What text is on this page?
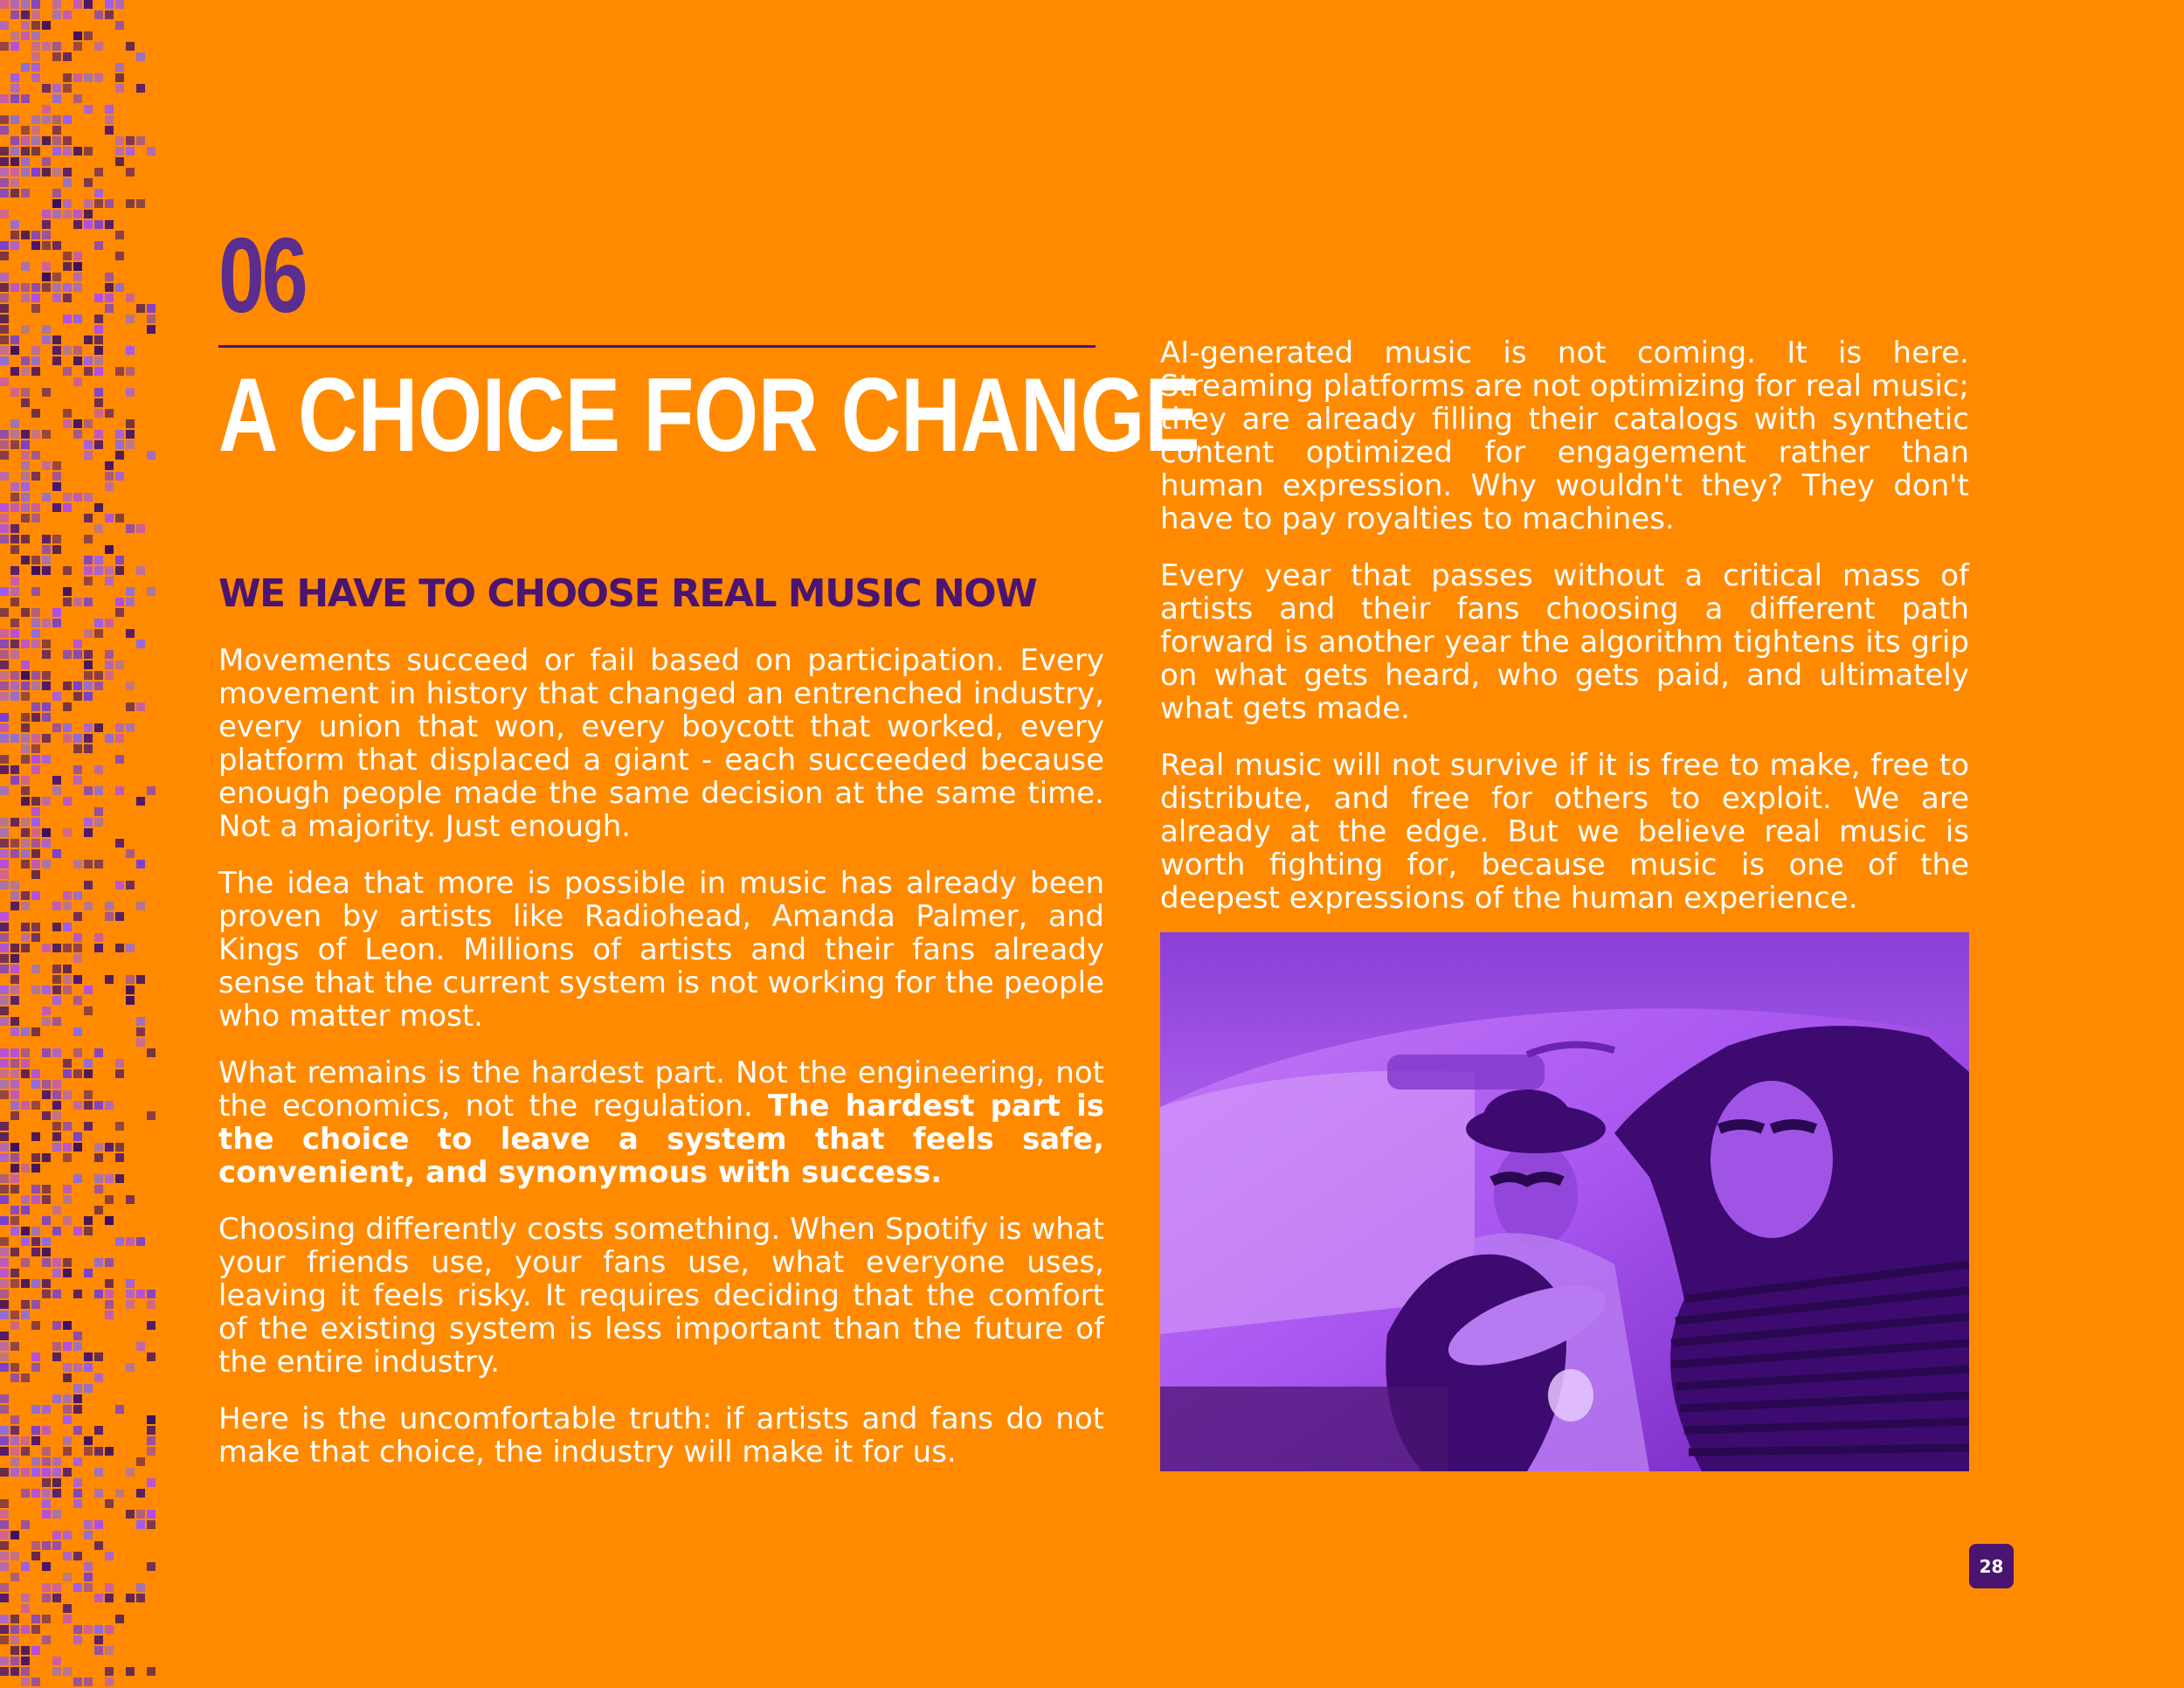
06
A CHOICE FOR CHANGE
WE HAVE TO CHOOSE REAL MUSIC NOW

Movements succeed or fail based on participation. Every movement in history that changed an entrenched industry, every union that won, every boycott that worked, every platform that displaced a giant - each succeeded because enough people made the same decision at the same time. Not a majority. Just enough.

The idea that more is possible in music has already been proven by artists like Radiohead, Amanda Palmer, and Kings of Leon. Millions of artists and their fans already sense that the current system is not working for the people who matter most.

What remains is the hardest part. Not the engineering, not the economics, not the regulation. The hardest part is the choice to leave a system that feels safe, convenient, and synonymous with success.

Choosing differently costs something. When Spotify is what your friends use, your fans use, what everyone uses, leaving it feels risky. It requires deciding that the comfort of the existing system is less important than the future of the entire industry.

Here is the uncomfortable truth: if artists and fans do not make that choice, the industry will make it for us.

AI-generated music is not coming. It is here. Streaming platforms are not optimizing for real music; they are already filling their catalogs with synthetic content optimized for engagement rather than human expression. Why wouldn't they? They don't have to pay royalties to machines.

Every year that passes without a critical mass of artists and their fans choosing a different path forward is another year the algorithm tightens its grip on what gets heard, who gets paid, and ultimately what gets made.

Real music will not survive if it is free to make, free to distribute, and free for others to exploit. We are already at the edge. But we believe real music is worth fighting for, because music is one of the deepest expressions of the human experience.

28
